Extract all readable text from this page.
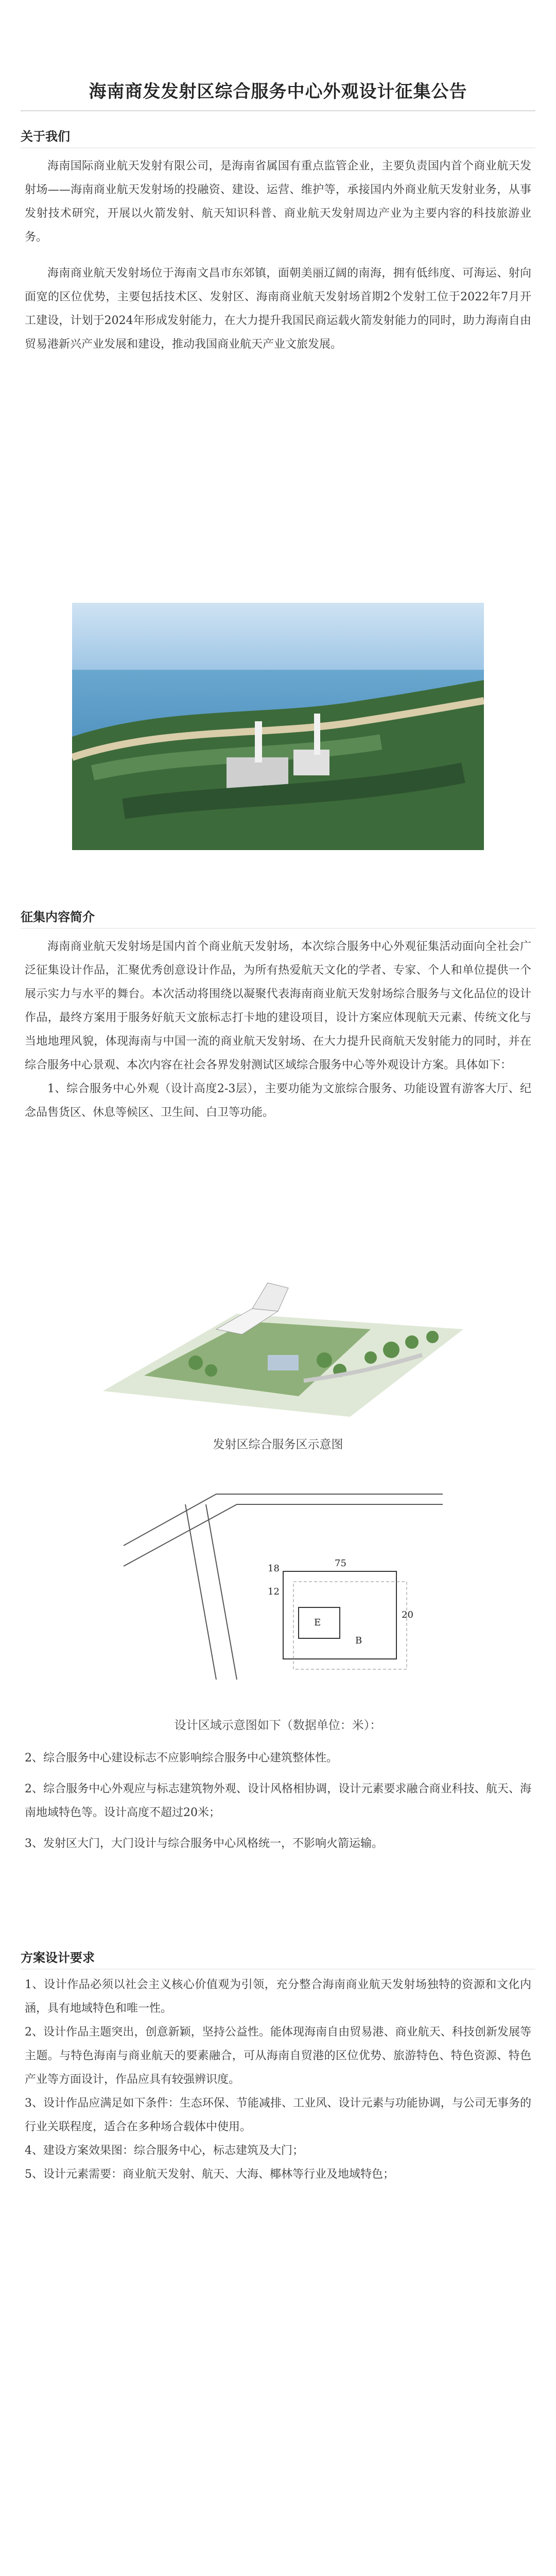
海南商发发射区综合服务中心外观设计征集公告
关于我们

海南国际商业航天发射有限公司，是海南省属国有重点监管企业，主要负责国内首个商业航天发射场——海南商业航天发射场的投融资、建设、运营、维护等，承接国内外商业航天发射业务，从事发射技术研究，开展以火箭发射、航天知识科普、商业航天发射周边产业为主要内容的科技旅游业务。

海南商业航天发射场位于海南文昌市东郊镇，面朝美丽辽阔的南海，拥有低纬度、可海运、射向面宽的区位优势，主要包括技术区、发射区、海南商业航天发射场首期2个发射工位于2022年7月开工建设，计划于2024年形成发射能力，在大力提升我国民商运载火箭发射能力的同时，助力海南自由贸易港新兴产业发展和建设，推动我国商业航天产业文旅发展。

征集内容简介

海南商业航天发射场是国内首个商业航天发射场，本次综合服务中心外观征集活动面向全社会广泛征集设计作品，汇聚优秀创意设计作品，为所有热爱航天文化的学者、专家、个人和单位提供一个展示实力与水平的舞台。本次活动将围绕以凝聚代表海南商业航天发射场综合服务与文化品位的设计作品，最终方案用于服务好航天文旅标志打卡地的建设项目，设计方案应体现航天元素、传统文化与当地地理风貌，体现海南与中国一流的商业航天发射场、在大力提升民商航天发射能力的同时，并在综合服务中心景观、本次内容在社会各界发射测试区域综合服务中心等外观设计方案。具体如下：

1、综合服务中心外观（设计高度2-3层），主要功能为文旅综合服务、功能设置有游客大厅、纪念品售货区、休息等候区、卫生间、白卫等功能。

发射区综合服务区示意图
18
12
75
E
B
20
设计区域示意图如下（数据单位：米）：

2、综合服务中心建设标志不应影响综合服务中心建筑整体性。

2、综合服务中心外观应与标志建筑物外观、设计风格相协调，设计元素要求融合商业科技、航天、海南地域特色等。设计高度不超过20米；

3、发射区大门，大门设计与综合服务中心风格统一，不影响火箭运输。

方案设计要求

1、设计作品必须以社会主义核心价值观为引领，充分整合海南商业航天发射场独特的资源和文化内涵，具有地域特色和唯一性。

2、设计作品主题突出，创意新颖，坚持公益性。能体现海南自由贸易港、商业航天、科技创新发展等主题。与特色海南与商业航天的要素融合，可从海南自贸港的区位优势、旅游特色、特色资源、特色产业等方面设计，作品应具有较强辨识度。

3、设计作品应满足如下条件：生态环保、节能减排、工业风、设计元素与功能协调，与公司无事务的行业关联程度，适合在多种场合载体中使用。

4、建设方案效果图：综合服务中心，标志建筑及大门；

5、设计元素需要：商业航天发射、航天、大海、椰林等行业及地域特色；
